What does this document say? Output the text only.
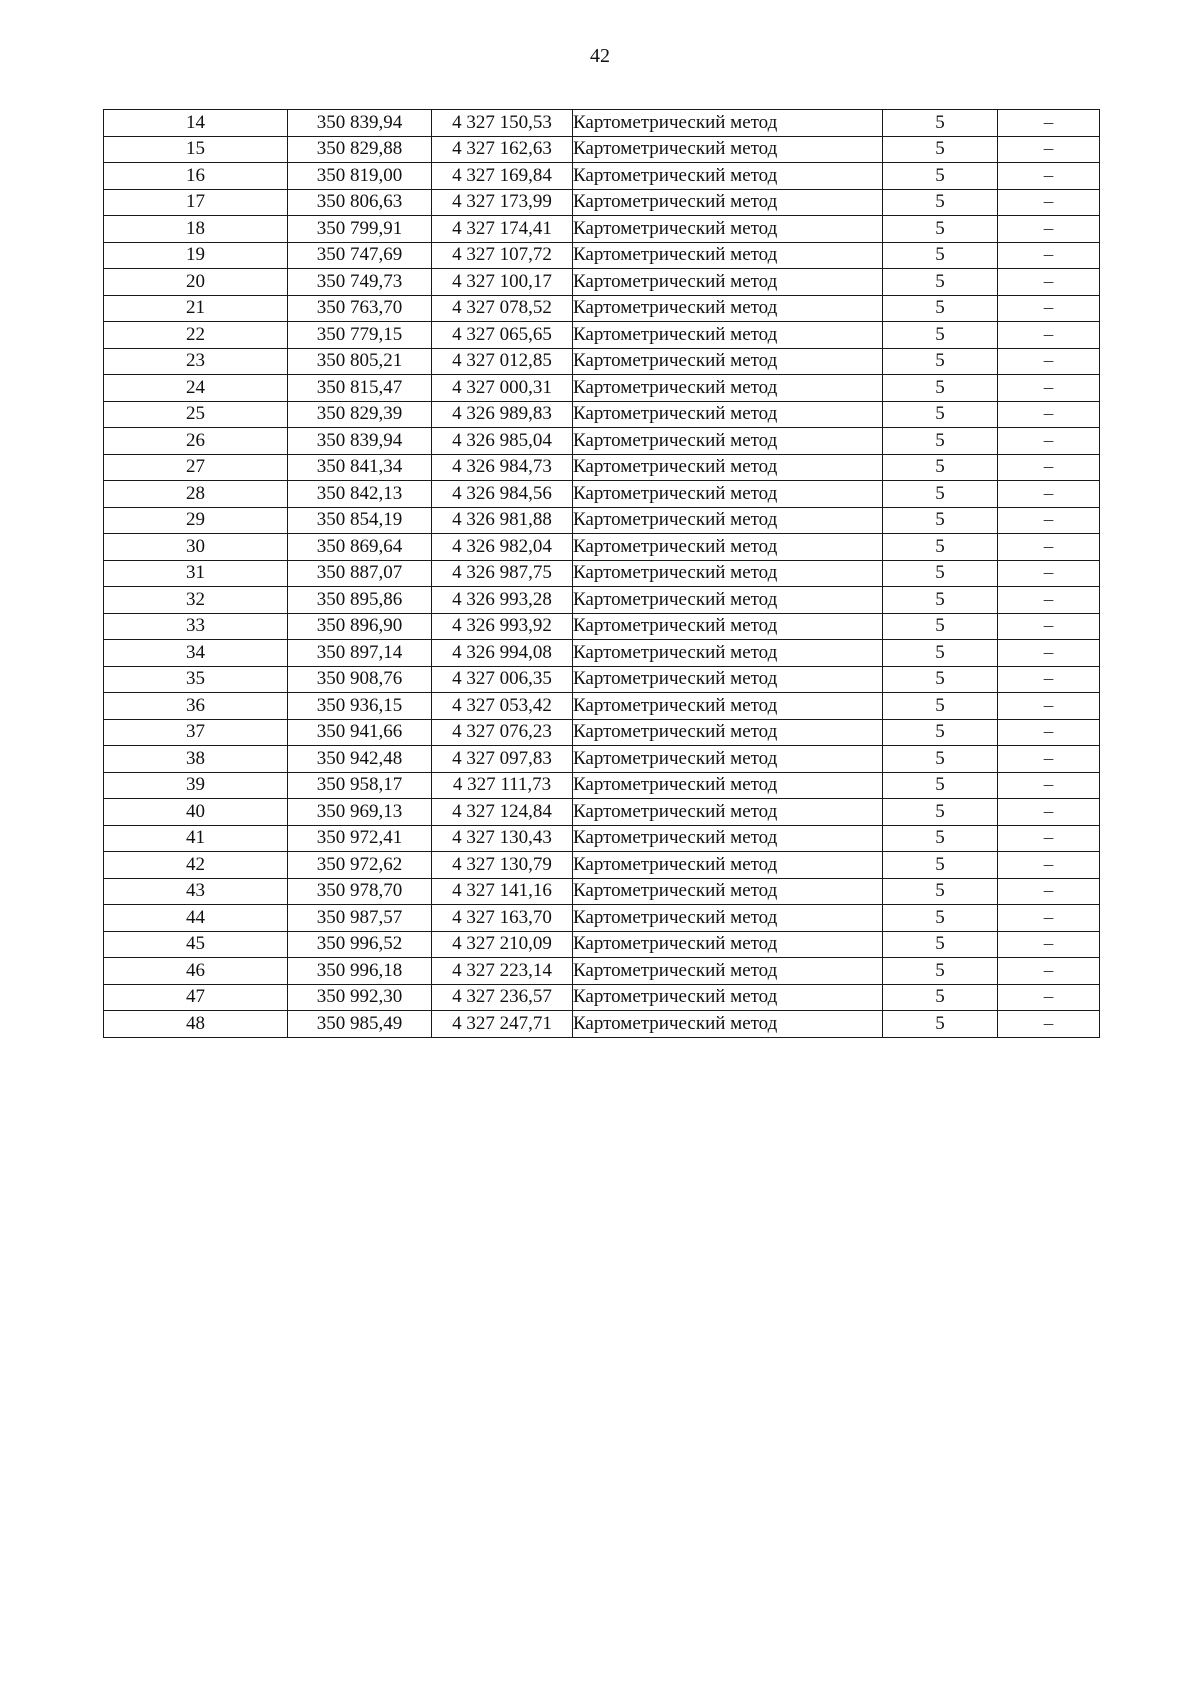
42
14	350 839,94	4 327 150,53	Картометрический метод	5	–
15	350 829,88	4 327 162,63	Картометрический метод	5	–
16	350 819,00	4 327 169,84	Картометрический метод	5	–
17	350 806,63	4 327 173,99	Картометрический метод	5	–
18	350 799,91	4 327 174,41	Картометрический метод	5	–
19	350 747,69	4 327 107,72	Картометрический метод	5	–
20	350 749,73	4 327 100,17	Картометрический метод	5	–
21	350 763,70	4 327 078,52	Картометрический метод	5	–
22	350 779,15	4 327 065,65	Картометрический метод	5	–
23	350 805,21	4 327 012,85	Картометрический метод	5	–
24	350 815,47	4 327 000,31	Картометрический метод	5	–
25	350 829,39	4 326 989,83	Картометрический метод	5	–
26	350 839,94	4 326 985,04	Картометрический метод	5	–
27	350 841,34	4 326 984,73	Картометрический метод	5	–
28	350 842,13	4 326 984,56	Картометрический метод	5	–
29	350 854,19	4 326 981,88	Картометрический метод	5	–
30	350 869,64	4 326 982,04	Картометрический метод	5	–
31	350 887,07	4 326 987,75	Картометрический метод	5	–
32	350 895,86	4 326 993,28	Картометрический метод	5	–
33	350 896,90	4 326 993,92	Картометрический метод	5	–
34	350 897,14	4 326 994,08	Картометрический метод	5	–
35	350 908,76	4 327 006,35	Картометрический метод	5	–
36	350 936,15	4 327 053,42	Картометрический метод	5	–
37	350 941,66	4 327 076,23	Картометрический метод	5	–
38	350 942,48	4 327 097,83	Картометрический метод	5	–
39	350 958,17	4 327 111,73	Картометрический метод	5	–
40	350 969,13	4 327 124,84	Картометрический метод	5	–
41	350 972,41	4 327 130,43	Картометрический метод	5	–
42	350 972,62	4 327 130,79	Картометрический метод	5	–
43	350 978,70	4 327 141,16	Картометрический метод	5	–
44	350 987,57	4 327 163,70	Картометрический метод	5	–
45	350 996,52	4 327 210,09	Картометрический метод	5	–
46	350 996,18	4 327 223,14	Картометрический метод	5	–
47	350 992,30	4 327 236,57	Картометрический метод	5	–
48	350 985,49	4 327 247,71	Картометрический метод	5	–
